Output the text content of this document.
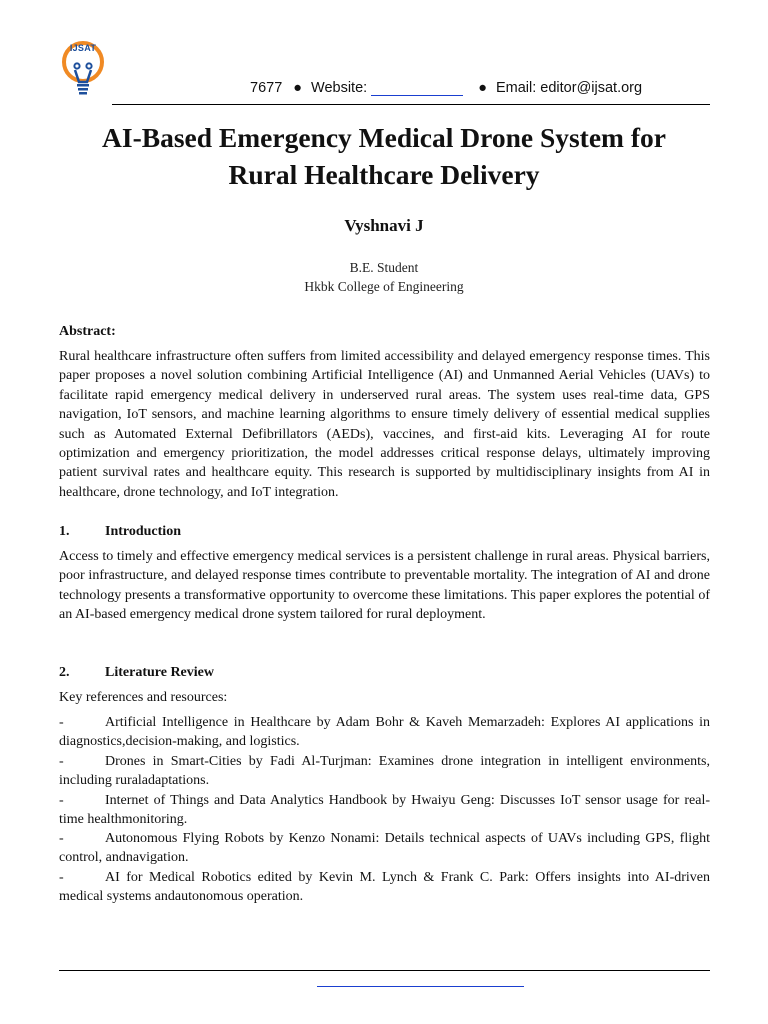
IJSAT
7677 ● Website:	● Email: editor@ijsat.org
AI-Based Emergency Medical Drone System for
Rural Healthcare Delivery
Vyshnavi J
B.E. Student
Hkbk College of Engineering
Abstract:
Rural healthcare infrastructure often suffers from limited accessibility and delayed emergency response times. This paper proposes a novel solution combining Artificial Intelligence (AI) and Unmanned Aerial Vehicles (UAVs) to facilitate rapid emergency medical delivery in underserved rural areas. The system uses real-time data, GPS navigation, IoT sensors, and machine learning algorithms to ensure timely delivery of essential medical supplies such as Automated External Defibrillators (AEDs), vaccines, and first-aid kits. Leveraging AI for route optimization and emergency prioritization, the model addresses critical response delays, ultimately improving patient survival rates and healthcare equity. This research is supported by multidisciplinary insights from AI in healthcare, drone technology, and IoT integration.
1.	Introduction
Access to timely and effective emergency medical services is a persistent challenge in rural areas. Physical barriers, poor infrastructure, and delayed response times contribute to preventable mortality. The integration of AI and drone technology presents a transformative opportunity to overcome these limitations. This paper explores the potential of an AI-based emergency medical drone system tailored for rural deployment.
2.	Literature Review
Key references and resources:
-	Artificial Intelligence in Healthcare by Adam Bohr & Kaveh Memarzadeh: Explores AI applications in diagnostics,decision-making, and logistics.
-	Drones in Smart-Cities by Fadi Al-Turjman: Examines drone integration in intelligent environments, including ruraladaptations.
-	Internet of Things and Data Analytics Handbook by Hwaiyu Geng: Discusses IoT sensor usage for real-time healthmonitoring.
-	Autonomous Flying Robots by Kenzo Nonami: Details technical aspects of UAVs including GPS, flight control, andnavigation.
-	AI for Medical Robotics edited by Kevin M. Lynch & Frank C. Park: Offers insights into AI-driven medical systems andautonomous operation.
